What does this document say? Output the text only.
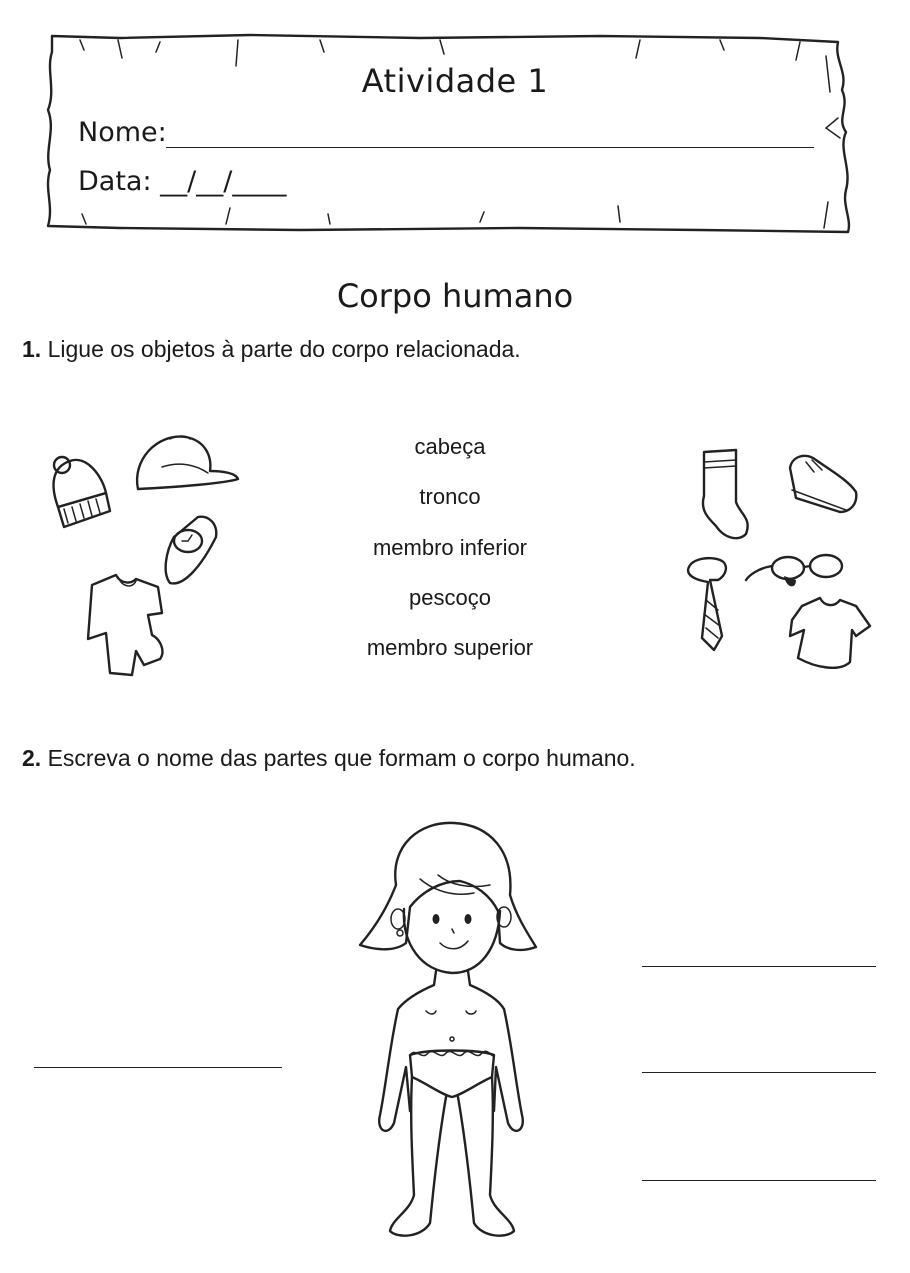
Atividade 1
Nome:
Data: __/__/____
Corpo humano
1. Ligue os objetos à parte do corpo relacionada.
cabeça
tronco
membro inferior
pescoço
membro superior
2. Escreva o nome das partes que formam o corpo humano.
